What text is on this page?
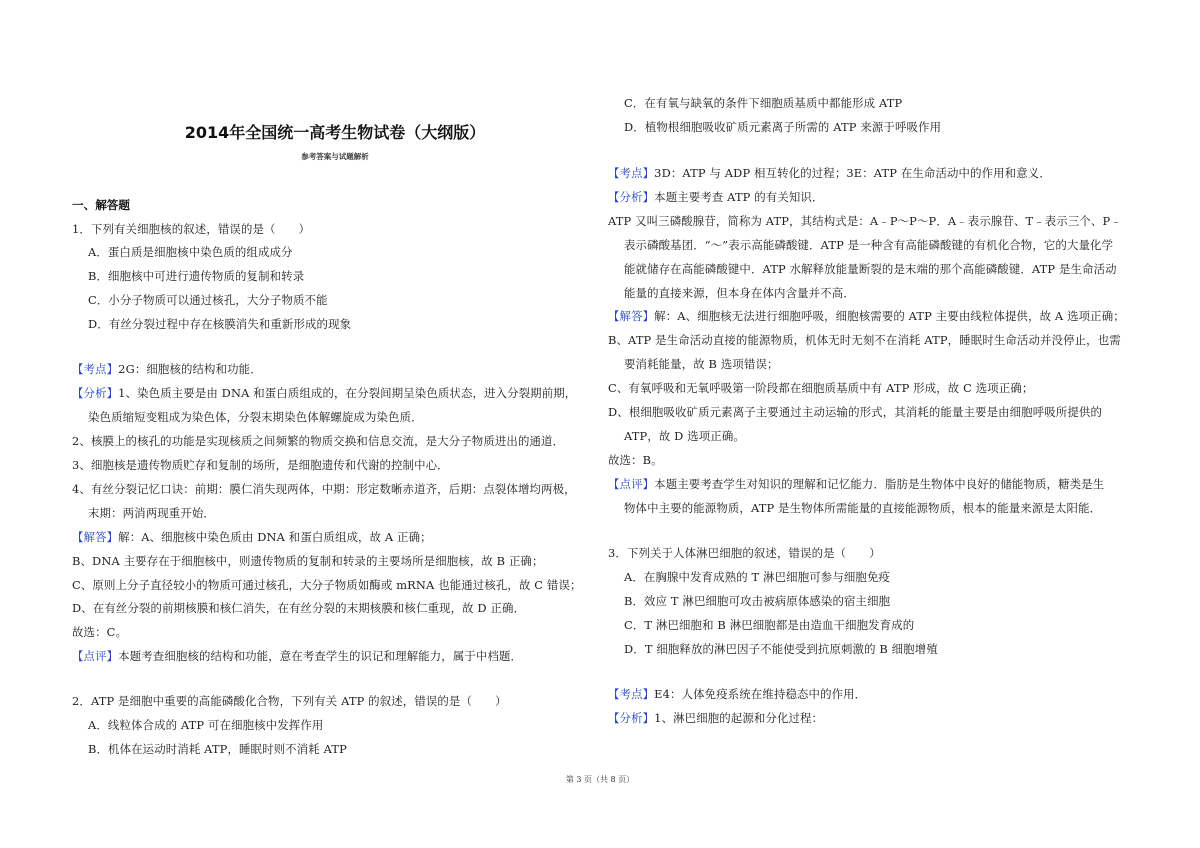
2014年全国统一高考生物试卷（大纲版）
参考答案与试题解析
一、解答题
1．下列有关细胞核的叙述，错误的是（　　）
A．蛋白质是细胞核中染色质的组成成分
B．细胞核中可进行遗传物质的复制和转录
C．小分子物质可以通过核孔，大分子物质不能
D．有丝分裂过程中存在核膜消失和重新形成的现象
【考点】2G：细胞核的结构和功能．
【分析】1、染色质主要是由 DNA 和蛋白质组成的，在分裂间期呈染色质状态，进入分裂期前期，
染色质缩短变粗成为染色体，分裂末期染色体解螺旋成为染色质．
2、核膜上的核孔的功能是实现核质之间频繁的物质交换和信息交流，是大分子物质进出的通道．
3、细胞核是遗传物质贮存和复制的场所，是细胞遗传和代谢的控制中心．
4、有丝分裂记忆口诀：前期：膜仁消失现两体，中期：形定数晰赤道齐，后期：点裂体增均两极，
末期：两消两现重开始．
【解答】解：A、细胞核中染色质由 DNA 和蛋白质组成，故 A 正确；
B、DNA 主要存在于细胞核中，则遗传物质的复制和转录的主要场所是细胞核，故 B 正确；
C、原则上分子直径较小的物质可通过核孔，大分子物质如酶或 mRNA 也能通过核孔，故 C 错误；
D、在有丝分裂的前期核膜和核仁消失，在有丝分裂的末期核膜和核仁重现，故 D 正确．
故选：C。
【点评】本题考查细胞核的结构和功能，意在考查学生的识记和理解能力，属于中档题．
2．ATP 是细胞中重要的高能磷酸化合物，下列有关 ATP 的叙述，错误的是（　　）
A．线粒体合成的 ATP 可在细胞核中发挥作用
B．机体在运动时消耗 ATP，睡眠时则不消耗 ATP
C．在有氧与缺氧的条件下细胞质基质中都能形成 ATP
D．植物根细胞吸收矿质元素离子所需的 ATP 来源于呼吸作用
【考点】3D：ATP 与 ADP 相互转化的过程；3E：ATP 在生命活动中的作用和意义．
【分析】本题主要考查 ATP 的有关知识．
ATP 又叫三磷酸腺苷，简称为 ATP，其结构式是：A﹣P～P～P．A﹣表示腺苷、T﹣表示三个、P﹣
表示磷酸基团．“～”表示高能磷酸键．ATP 是一种含有高能磷酸键的有机化合物，它的大量化学
能就储存在高能磷酸键中．ATP 水解释放能量断裂的是末端的那个高能磷酸键．ATP 是生命活动
能量的直接来源，但本身在体内含量并不高．
【解答】解：A、细胞核无法进行细胞呼吸，细胞核需要的 ATP 主要由线粒体提供，故 A 选项正确；
B、ATP 是生命活动直接的能源物质，机体无时无刻不在消耗 ATP，睡眠时生命活动并没停止，也需
要消耗能量，故 B 选项错误；
C、有氧呼吸和无氧呼吸第一阶段都在细胞质基质中有 ATP 形成，故 C 选项正确；
D、根细胞吸收矿质元素离子主要通过主动运输的形式，其消耗的能量主要是由细胞呼吸所提供的
ATP，故 D 选项正确。
故选：B。
【点评】本题主要考查学生对知识的理解和记忆能力．脂肪是生物体中良好的储能物质，糖类是生
物体中主要的能源物质，ATP 是生物体所需能量的直接能源物质，根本的能量来源是太阳能．
3．下列关于人体淋巴细胞的叙述，错误的是（　　）
A．在胸腺中发育成熟的 T 淋巴细胞可参与细胞免疫
B．效应 T 淋巴细胞可攻击被病原体感染的宿主细胞
C．T 淋巴细胞和 B 淋巴细胞都是由造血干细胞发育成的
D．T 细胞释放的淋巴因子不能使受到抗原刺激的 B 细胞增殖
【考点】E4：人体免疫系统在维持稳态中的作用．
【分析】1、淋巴细胞的起源和分化过程：
第 3 页（共 8 页）
